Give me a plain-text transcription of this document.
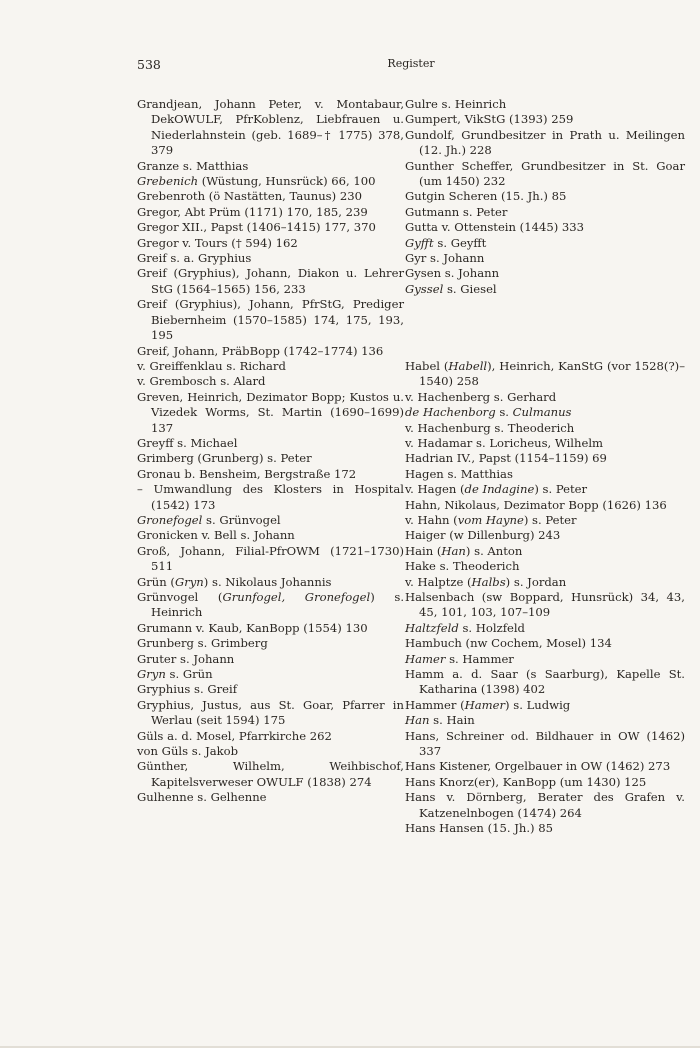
538	Register

Grandjean, Johann Peter, v. Montabaur, DekOWULF, PfrKoblenz, Liebfrauen u. Niederlahnstein (geb. 1689–† 1775) 378, 379

Granze s. Matthias

Grebenich (Wüstung, Hunsrück) 66, 100

Grebenroth (ö Nastätten, Taunus) 230

Gregor, Abt Prüm (1171) 170, 185, 239

Gregor XII., Papst (1406–1415) 177, 370

Gregor v. Tours († 594) 162

Greif s. a. Gryphius

Greif (Gryphius), Johann, Diakon u. Lehrer StG (1564–1565) 156, 233

Greif (Gryphius), Johann, PfrStG, Prediger Biebernheim (1570–1585) 174, 175, 193, 195

Greif, Johann, PräbBopp (1742–1774) 136

v. Greiffenklau s. Richard

v. Grembosch s. Alard

Greven, Heinrich, Dezimator Bopp; Kustos u. Vizedek Worms, St. Martin (1690–1699) 137

Greyff s. Michael

Grimberg (Grunberg) s. Peter

Gronau b. Bensheim, Bergstraße 172

– Umwandlung des Klosters in Hospital (1542) 173

Gronefogel s. Grünvogel

Gronicken v. Bell s. Johann

Groß, Johann, Filial-PfrOWM (1721–1730) 511

Grün (Gryn) s. Nikolaus Johannis

Grünvogel (Grunfogel, Gronefogel) s. Heinrich

Grumann v. Kaub, KanBopp (1554) 130

Grunberg s. Grimberg

Gruter s. Johann

Gryn s. Grün

Gryphius s. Greif

Gryphius, Justus, aus St. Goar, Pfarrer in Werlau (seit 1594) 175

Güls a. d. Mosel, Pfarrkirche 262

von Güls s. Jakob

Günther, Wilhelm, Weihbischof, Kapitelsverweser OWULF (1838) 274

Gulhenne s. Gelhenne

Gulre s. Heinrich

Gumpert, VikStG (1393) 259

Gundolf, Grundbesitzer in Prath u. Meilingen (12. Jh.) 228

Gunther Scheffer, Grundbesitzer in St. Goar (um 1450) 232

Gutgin Scheren (15. Jh.) 85

Gutmann s. Peter

Gutta v. Ottenstein (1445) 333

Gyfft s. Geyfft

Gyr s. Johann

Gysen s. Johann

Gyssel s. Giesel

Habel (Habell), Heinrich, KanStG (vor 1528(?)–1540) 258

v. Hachenberg s. Gerhard

de Hachenborg s. Culmanus

v. Hachenburg s. Theoderich

v. Hadamar s. Loricheus, Wilhelm

Hadrian IV., Papst (1154–1159) 69

Hagen s. Matthias

v. Hagen (de Indagine) s. Peter

Hahn, Nikolaus, Dezimator Bopp (1626) 136

v. Hahn (vom Hayne) s. Peter

Haiger (w Dillenburg) 243

Hain (Han) s. Anton

Hake s. Theoderich

v. Halptze (Halbs) s. Jordan

Halsenbach (sw Boppard, Hunsrück) 34, 43, 45, 101, 103, 107–109

Haltzfeld s. Holzfeld

Hambuch (nw Cochem, Mosel) 134

Hamer s. Hammer

Hamm a. d. Saar (s Saarburg), Kapelle St. Katharina (1398) 402

Hammer (Hamer) s. Ludwig

Han s. Hain

Hans, Schreiner od. Bildhauer in OW (1462) 337

Hans Kistener, Orgelbauer in OW (1462) 273

Hans Knorz(er), KanBopp (um 1430) 125

Hans v. Dörnberg, Berater des Grafen v. Katzenelnbogen (1474) 264

Hans Hansen (15. Jh.) 85
